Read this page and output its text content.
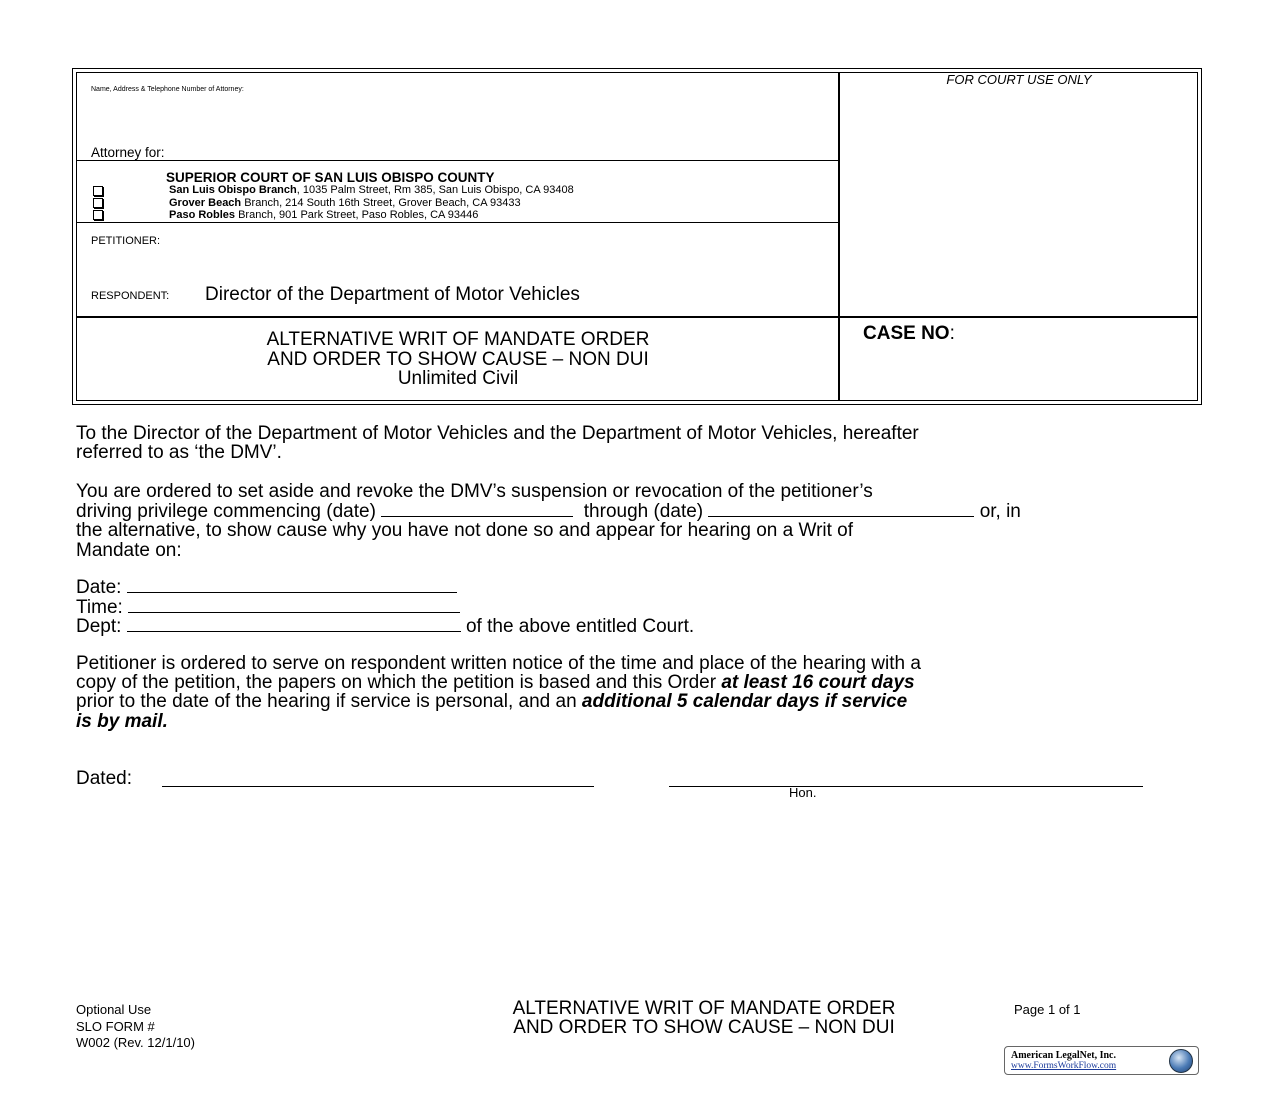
Name, Address & Telephone Number of Attorney:
Attorney for:
FOR COURT USE ONLY
SUPERIOR COURT OF SAN LUIS OBISPO COUNTY
San Luis Obispo Branch, 1035 Palm Street, Rm 385, San Luis Obispo, CA 93408
Grover Beach Branch, 214 South 16th Street, Grover Beach, CA 93433
Paso Robles Branch, 901 Park Street, Paso Robles, CA 93446
PETITIONER:
RESPONDENT: Director of the Department of Motor Vehicles
ALTERNATIVE WRIT OF MANDATE ORDER
AND ORDER TO SHOW CAUSE – NON DUI
Unlimited Civil
CASE NO:
To the Director of the Department of Motor Vehicles and the Department of Motor Vehicles, hereafter
referred to as ‘the DMV’.
You are ordered to set aside and revoke the DMV’s suspension or revocation of the petitioner’s
driving privilege commencing (date)	through (date)	or, in
the alternative, to show cause why you have not done so and appear for hearing on a Writ of
Mandate on:
Date:
Time:
Dept:	of the above entitled Court.
Petitioner is ordered to serve on respondent written notice of the time and place of the hearing with a
copy of the petition, the papers on which the petition is based and this Order at least 16 court days
prior to the date of the hearing if service is personal, and an additional 5 calendar days if service
is by mail.
Dated:
Hon.
Optional Use
SLO FORM #
W002 (Rev. 12/1/10)
ALTERNATIVE WRIT OF MANDATE ORDER
AND ORDER TO SHOW CAUSE – NON DUI
Page 1 of 1
American LegalNet, Inc.
www.FormsWorkFlow.com
